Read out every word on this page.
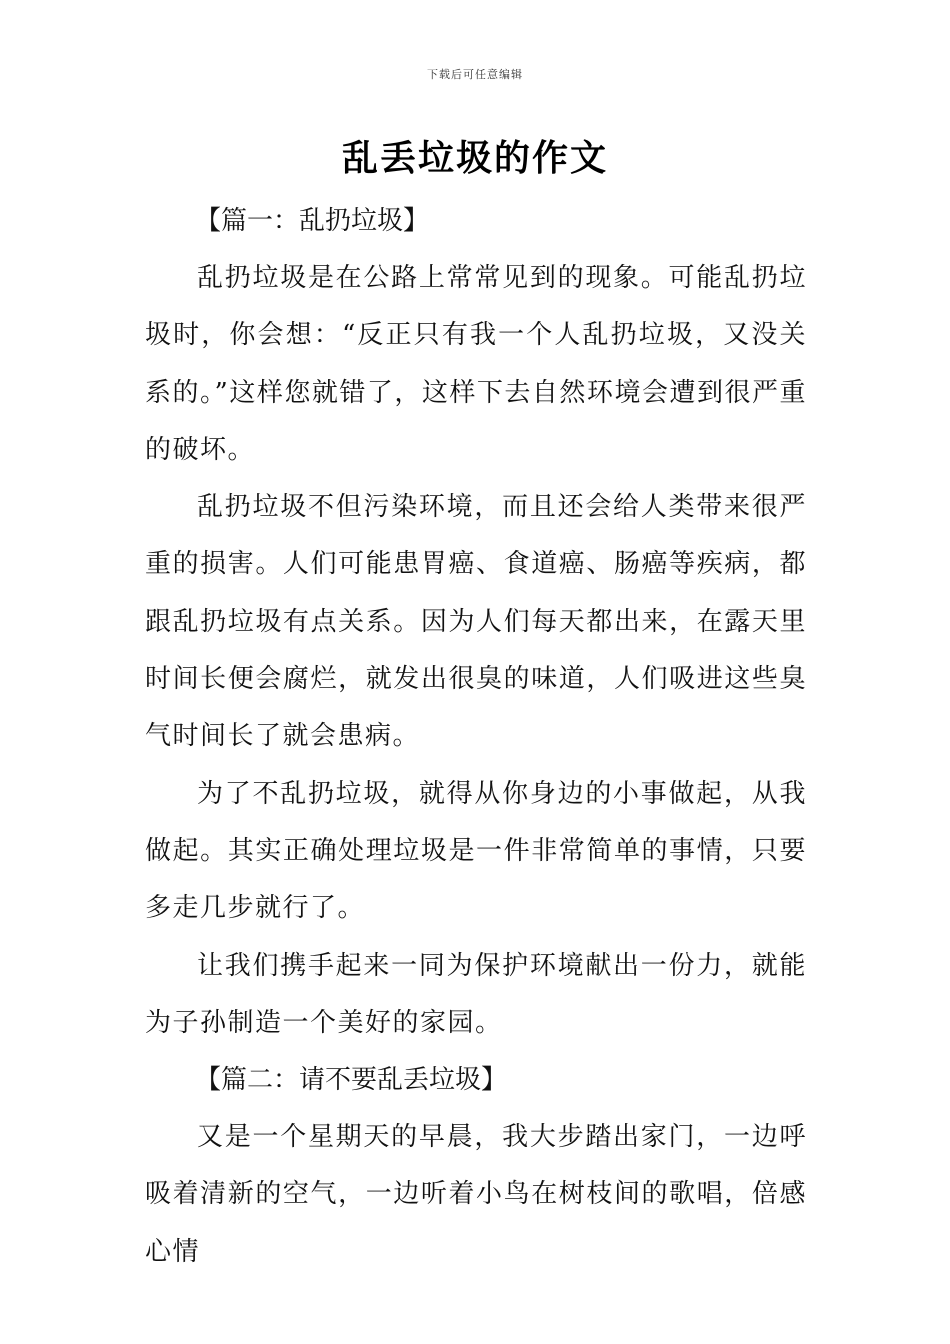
下载后可任意编辑
乱丢垃圾的作文

【篇一：乱扔垃圾】

乱扔垃圾是在公路上常常见到的现象。可能乱扔垃圾时，你会想：“反正只有我一个人乱扔垃圾，又没关系的。”这样您就错了，这样下去自然环境会遭到很严重的破坏。

乱扔垃圾不但污染环境，而且还会给人类带来很严重的损害。人们可能患胃癌、食道癌、肠癌等疾病，都跟乱扔垃圾有点关系。因为人们每天都出来，在露天里时间长便会腐烂，就发出很臭的味道，人们吸进这些臭气时间长了就会患病。

为了不乱扔垃圾，就得从你身边的小事做起，从我做起。其实正确处理垃圾是一件非常简单的事情，只要多走几步就行了。

让我们携手起来一同为保护环境献出一份力，就能为子孙制造一个美好的家园。

【篇二：请不要乱丢垃圾】

又是一个星期天的早晨，我大步踏出家门，一边呼吸着清新的空气，一边听着小鸟在树枝间的歌唱，倍感心情
